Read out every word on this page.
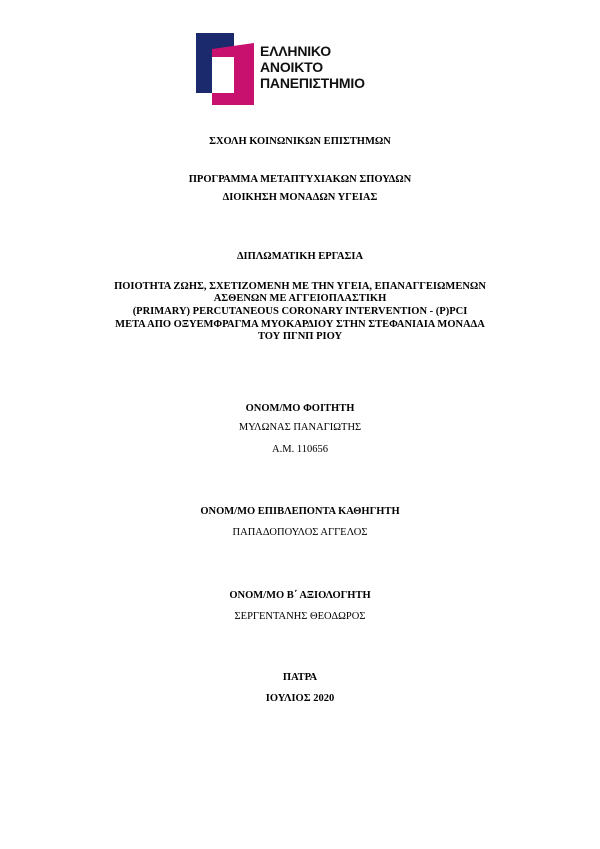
ΕΛΛΗΝΙΚΟ
ΑΝΟΙΚΤΟ
ΠΑΝΕΠΙΣΤΗΜΙΟ
ΣΧΟΛΗ ΚΟΙΝΩΝΙΚΩΝ ΕΠΙΣΤΗΜΩΝ
ΠΡΟΓΡΑΜΜΑ ΜΕΤΑΠΤΥΧΙΑΚΩΝ ΣΠΟΥΔΩΝ
ΔΙΟΙΚΗΣΗ ΜΟΝΑΔΩΝ ΥΓΕΙΑΣ
ΔΙΠΛΩΜΑΤΙΚΗ ΕΡΓΑΣΙΑ
ΠΟΙΟΤΗΤΑ ΖΩΗΣ, ΣΧΕΤΙΖΟΜΕΝΗ ΜΕ ΤΗΝ ΥΓΕΙΑ, ΕΠΑΝΑΓΓΕΙΩΜΕΝΩΝ
ΑΣΘΕΝΩΝ ΜΕ ΑΓΓΕΙΟΠΛΑΣΤΙΚΗ
(PRIMARY) PERCUTANEOUS CORONARY INTERVENTION - (P)PCI
ΜΕΤΑ ΑΠΟ ΟΞΥΕΜΦΡΑΓΜΑ ΜΥΟΚΑΡΔΙΟΥ ΣΤΗΝ ΣΤΕΦΑΝΙΑΙΑ ΜΟΝΑΔΑ
ΤΟΥ ΠΓΝΠ ΡΙΟΥ
ΟΝΟΜ/ΜΟ ΦΟΙΤΗΤΗ
ΜΥΛΩΝΑΣ ΠΑΝΑΓΙΩΤΗΣ
Α.Μ. 110656
ΟΝΟΜ/ΜΟ ΕΠΙΒΛΕΠΟΝΤΑ ΚΑΘΗΓΗΤΗ
ΠΑΠΑΔΟΠΟΥΛΟΣ ΑΓΓΕΛΟΣ
ΟΝΟΜ/ΜΟ Β΄ ΑΞΙΟΛΟΓΗΤΗ
ΣΕΡΓΕΝΤΑΝΗΣ ΘΕΟΔΩΡΟΣ
ΠΑΤΡΑ
ΙΟΥΛΙΟΣ 2020
